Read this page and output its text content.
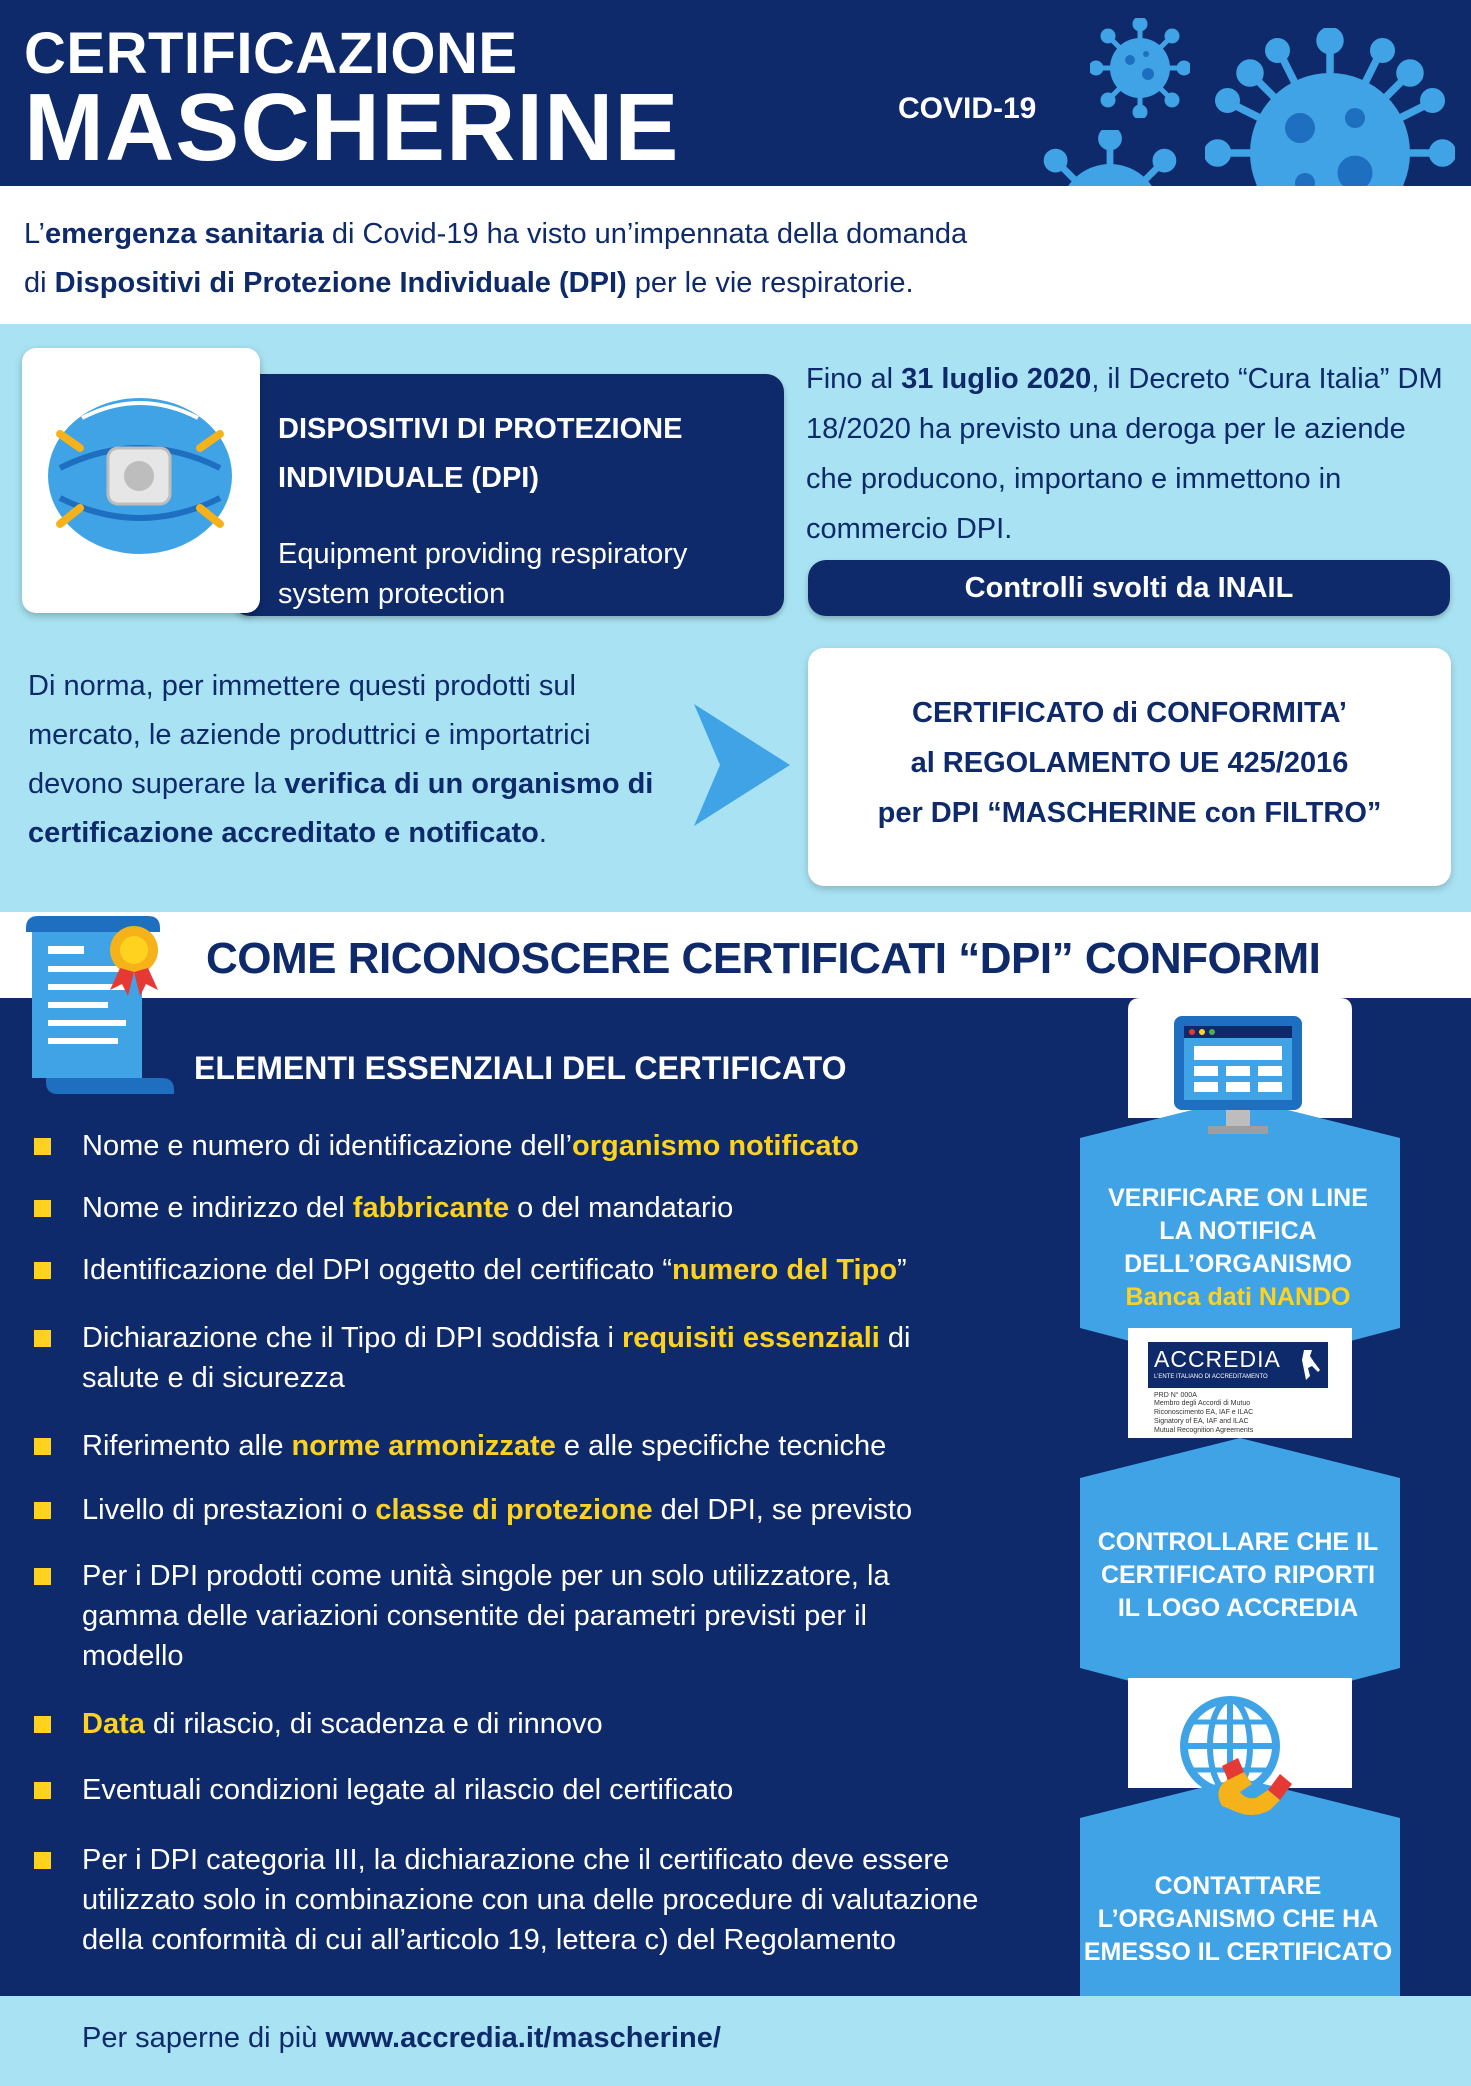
CERTIFICAZIONE
MASCHERINE	COVID-19
L’emergenza sanitaria di Covid-19 ha visto un’impennata della domanda
di Dispositivi di Protezione Individuale (DPI) per le vie respiratorie.
DISPOSITIVI DI PROTEZIONE INDIVIDUALE (DPI)
Equipment providing respiratory system protection
Fino al 31 luglio 2020, il Decreto “Cura Italia” DM 18/2020 ha previsto una deroga per le aziende che producono, importano e immettono in commercio DPI.
Controlli svolti da INAIL
Di norma, per immettere questi prodotti sul mercato, le aziende produttrici e importatrici devono superare la verifica di un organismo di certificazione accreditato e notificato.
CERTIFICATO di CONFORMITA’
al REGOLAMENTO UE 425/2016
per DPI “MASCHERINE con FILTRO”
COME RICONOSCERE CERTIFICATI “DPI” CONFORMI
ELEMENTI ESSENZIALI DEL CERTIFICATO
Nome e numero di identificazione dell’organismo notificato
Nome e indirizzo del fabbricante o del mandatario
Identificazione del DPI oggetto del certificato “numero del Tipo”
Dichiarazione che il Tipo di DPI soddisfa i requisiti essenziali di salute e di sicurezza
Riferimento alle norme armonizzate e alle specifiche tecniche
Livello di prestazioni o classe di protezione del DPI, se previsto
Per i DPI prodotti come unità singole per un solo utilizzatore, la gamma delle variazioni consentite dei parametri previsti per il modello
Data di rilascio, di scadenza e di rinnovo
Eventuali condizioni legate al rilascio del certificato
Per i DPI categoria III, la dichiarazione che il certificato deve essere utilizzato solo in combinazione con una delle procedure di valutazione della conformità di cui all’articolo 19, lettera c) del Regolamento
ACCREDIA
L’ENTE ITALIANO DI ACCREDITAMENTO
PRD N° 000A
Membro degli Accordi di Mutuo
Riconoscimento EA, IAF e ILAC
Signatory of EA, IAF and ILAC
Mutual Recognition Agreements
VERIFICARE ON LINE
LA NOTIFICA
DELL’ORGANISMO
Banca dati NANDO
CONTROLLARE CHE IL CERTIFICATO RIPORTI IL LOGO ACCREDIA
CONTATTARE L’ORGANISMO CHE HA EMESSO IL CERTIFICATO
Per saperne di più www.accredia.it/mascherine/
